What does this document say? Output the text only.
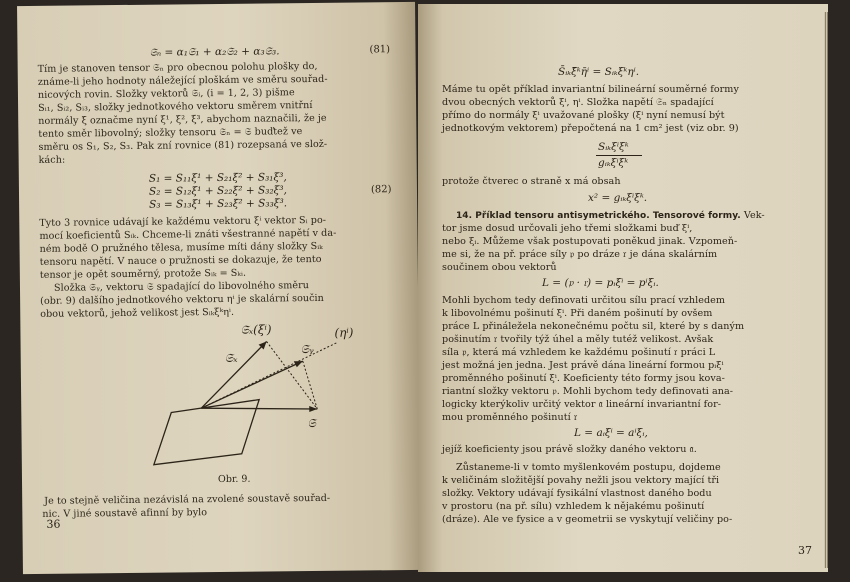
𝔖ₙ = α₁𝔖₁ + α₂𝔖₂ + α₃𝔖₃.	(81)
Tím je stanoven tensor 𝔖ₙ pro obecnou polohu plošky do,
známe-li jeho hodnoty náležející ploškám ve směru souřad-
nicových rovin. Složky vektorů 𝔖ᵢ, (i = 1, 2, 3) pišme
Sᵢ₁, Sᵢ₂, Sᵢ₃, složky jednotkového vektoru směrem vnitřní
normály ξ označme nyní ξ¹, ξ², ξ³, abychom naznačili, že je
tento směr libovolný; složky tensoru 𝔖ₙ = 𝔖 buďtež ve
směru os S₁, S₂, S₃. Pak zní rovnice (81) rozepsaná ve slož-
kách:
S₁ = S₁₁ξ¹ + S₂₁ξ² + S₃₁ξ³,
S₂ = S₁₂ξ¹ + S₂₂ξ² + S₃₂ξ³,
S₃ = S₁₃ξ¹ + S₂₃ξ² + S₃₃ξ³.
(82)
Tyto 3 rovnice udávají ke každému vektoru ξⁱ vektor Sᵢ po-
mocí koeficientů Sᵢₖ. Chceme-li znáti všestranné napětí v da-
ném bodě O pružného tělesa, musíme míti dány složky Sᵢₖ
tensoru napětí. V nauce o pružnosti se dokazuje, že tento
tensor je opět souměrný, protože Sᵢₖ = Sₖᵢ.
Složka 𝔖ᵧ, vektoru 𝔖 spadající do libovolného směru
(obr. 9) dalšího jednotkového vektoru ηⁱ je skalární součin
obou vektorů, jehož velikost jest Sᵢₖξᵏηⁱ.
𝔖ₓ(ξⁱ)
𝔖ᵧ
(ηⁱ)
𝔖ₓ
𝔖
Obr. 9.
Je to stejně veličina nezávislá na zvolené soustavě souřad-
nic. V jiné soustavě afinní by bylo
36
S̄ᵢₖξ̄ᵏη̄ⁱ = Sᵢₖξᵏηⁱ.
Máme tu opět příklad invariantní bilineární souměrné formy
dvou obecných vektorů ξⁱ, ηⁱ. Složka napětí 𝔖ₙ spadající
přímo do normály ξⁱ uvažované plošky (ξⁱ nyní nemusí být
jednotkovým vektorem) přepočtená na 1 cm² jest (viz obr. 9)
Sᵢₖξⁱξᵏ
gᵢₖξⁱξᵏ
protože čtverec o straně x má obsah
x² = gᵢₖξⁱξᵏ.
14. Příklad tensoru antisymetrického. Tensorové formy. Vek-
tor jsme dosud určovali jeho třemi složkami buď ξⁱ,
nebo ξᵢ. Můžeme však postupovati poněkud jinak. Vzpomeň-
me si, že na př. práce síly 𝔭 po dráze 𝔯 je dána skalárním
součinem obou vektorů
L = (𝔭 · 𝔯) = pᵢξⁱ = pⁱξᵢ.
Mohli bychom tedy definovati určitou sílu prací vzhledem
k libovolnému pošinutí ξⁱ. Při daném pošinutí by ovšem
práce L přináležela nekonečnému počtu sil, které by s daným
pošinutím 𝔯 tvořily týž úhel a měly tutéž velikost. Avšak
síla 𝔭, která má vzhledem ke každému pošinutí 𝔯 práci L
jest možná jen jedna. Jest právě dána lineární formou pᵢξⁱ
proměnného pošinutí ξⁱ. Koeficienty této formy jsou kova-
riantní složky vektoru 𝔭. Mohli bychom tedy definovati ana-
logicky kterýkoliv určitý vektor 𝔞 lineární invariantní for-
mou proměnného pošinutí 𝔯
L = aᵢξⁱ = aⁱξᵢ,
jejíž koeficienty jsou právě složky daného vektoru 𝔞.
Zůstaneme-li v tomto myšlenkovém postupu, dojdeme
k veličinám složitější povahy nežli jsou vektory mající tři
složky. Vektory udávají fysikální vlastnost daného bodu
v prostoru (na př. sílu) vzhledem k nějakému pošinutí
(dráze). Ale ve fysice a v geometrii se vyskytují veličiny po-
37
